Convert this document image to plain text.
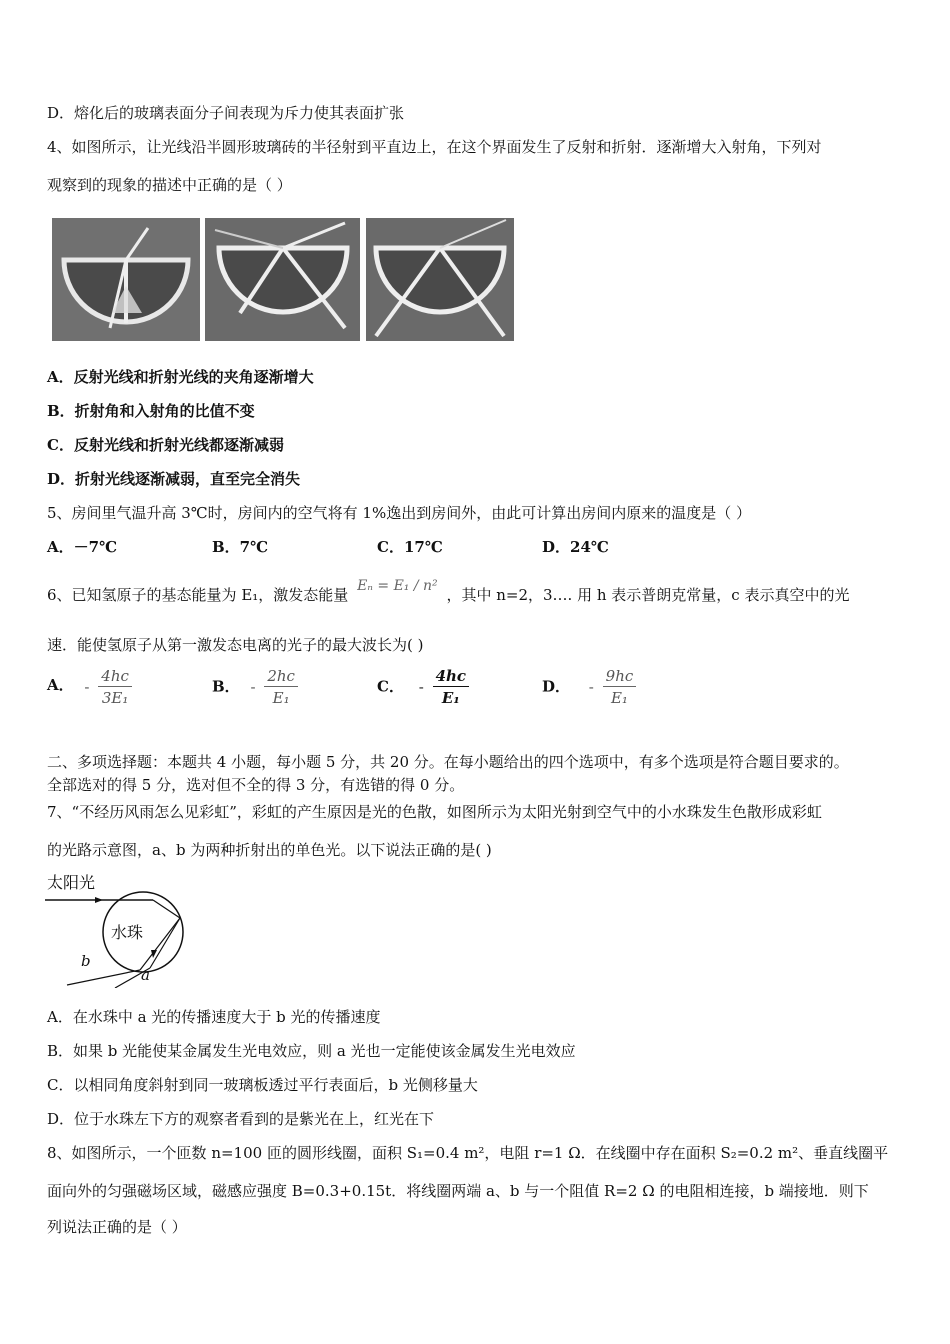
D．熔化后的玻璃表面分子间表现为斥力使其表面扩张
4、如图所示，让光线沿半圆形玻璃砖的半径射到平直边上，在这个界面发生了反射和折射．逐渐增大入射角，下列对
观察到的现象的描述中正确的是（ ）
A．反射光线和折射光线的夹角逐渐增大
B．折射角和入射角的比值不变
C．反射光线和折射光线都逐渐减弱
D．折射光线逐渐减弱，直至完全消失
5、房间里气温升高 3℃时，房间内的空气将有 1%逸出到房间外，由此可计算出房间内原来的温度是（ ）
A．－7℃	B．7℃	C．17℃	D．24℃
6、已知氢原子的基态能量为 E₁，激发态能量 Eₙ = E₁ / n² ，其中 n=2，3…. 用 h 表示普朗克常量，c 表示真空中的光
速．能使氢原子从第一激发态电离的光子的最大波长为( )
A． - $\frac{4hc}{\text{3E₁}}$	B． - $\frac{2hc}{\text{E₁}}$	C． - $\frac{4hc}{\text{E₁}}$	D． - $\frac{9hc}{\text{E₁}}$
二、多项选择题：本题共 4 小题，每小题 5 分，共 20 分。在每小题给出的四个选项中，有多个选项是符合题目要求的。
全部选对的得 5 分，选对但不全的得 3 分，有选错的得 0 分。
7、“不经历风雨怎么见彩虹”，彩虹的产生原因是光的色散，如图所示为太阳光射到空气中的小水珠发生色散形成彩虹
的光路示意图，a、b 为两种折射出的单色光。以下说法正确的是( )
太阳光
水珠
b
a
A．在水珠中 a 光的传播速度大于 b 光的传播速度
B．如果 b 光能使某金属发生光电效应，则 a 光也一定能使该金属发生光电效应
C．以相同角度斜射到同一玻璃板透过平行表面后，b 光侧移量大
D．位于水珠左下方的观察者看到的是紫光在上，红光在下
8、如图所示，一个匝数 n=100 匝的圆形线圈，面积 S₁=0.4 m²，电阻 r=1 Ω．在线圈中存在面积 S₂=0.2 m²、垂直线圈平
面向外的匀强磁场区域，磁感应强度 B=0.3+0.15t．将线圈两端 a、b 与一个阻值 R=2 Ω 的电阻相连接，b 端接地．则下
列说法正确的是（ ）
